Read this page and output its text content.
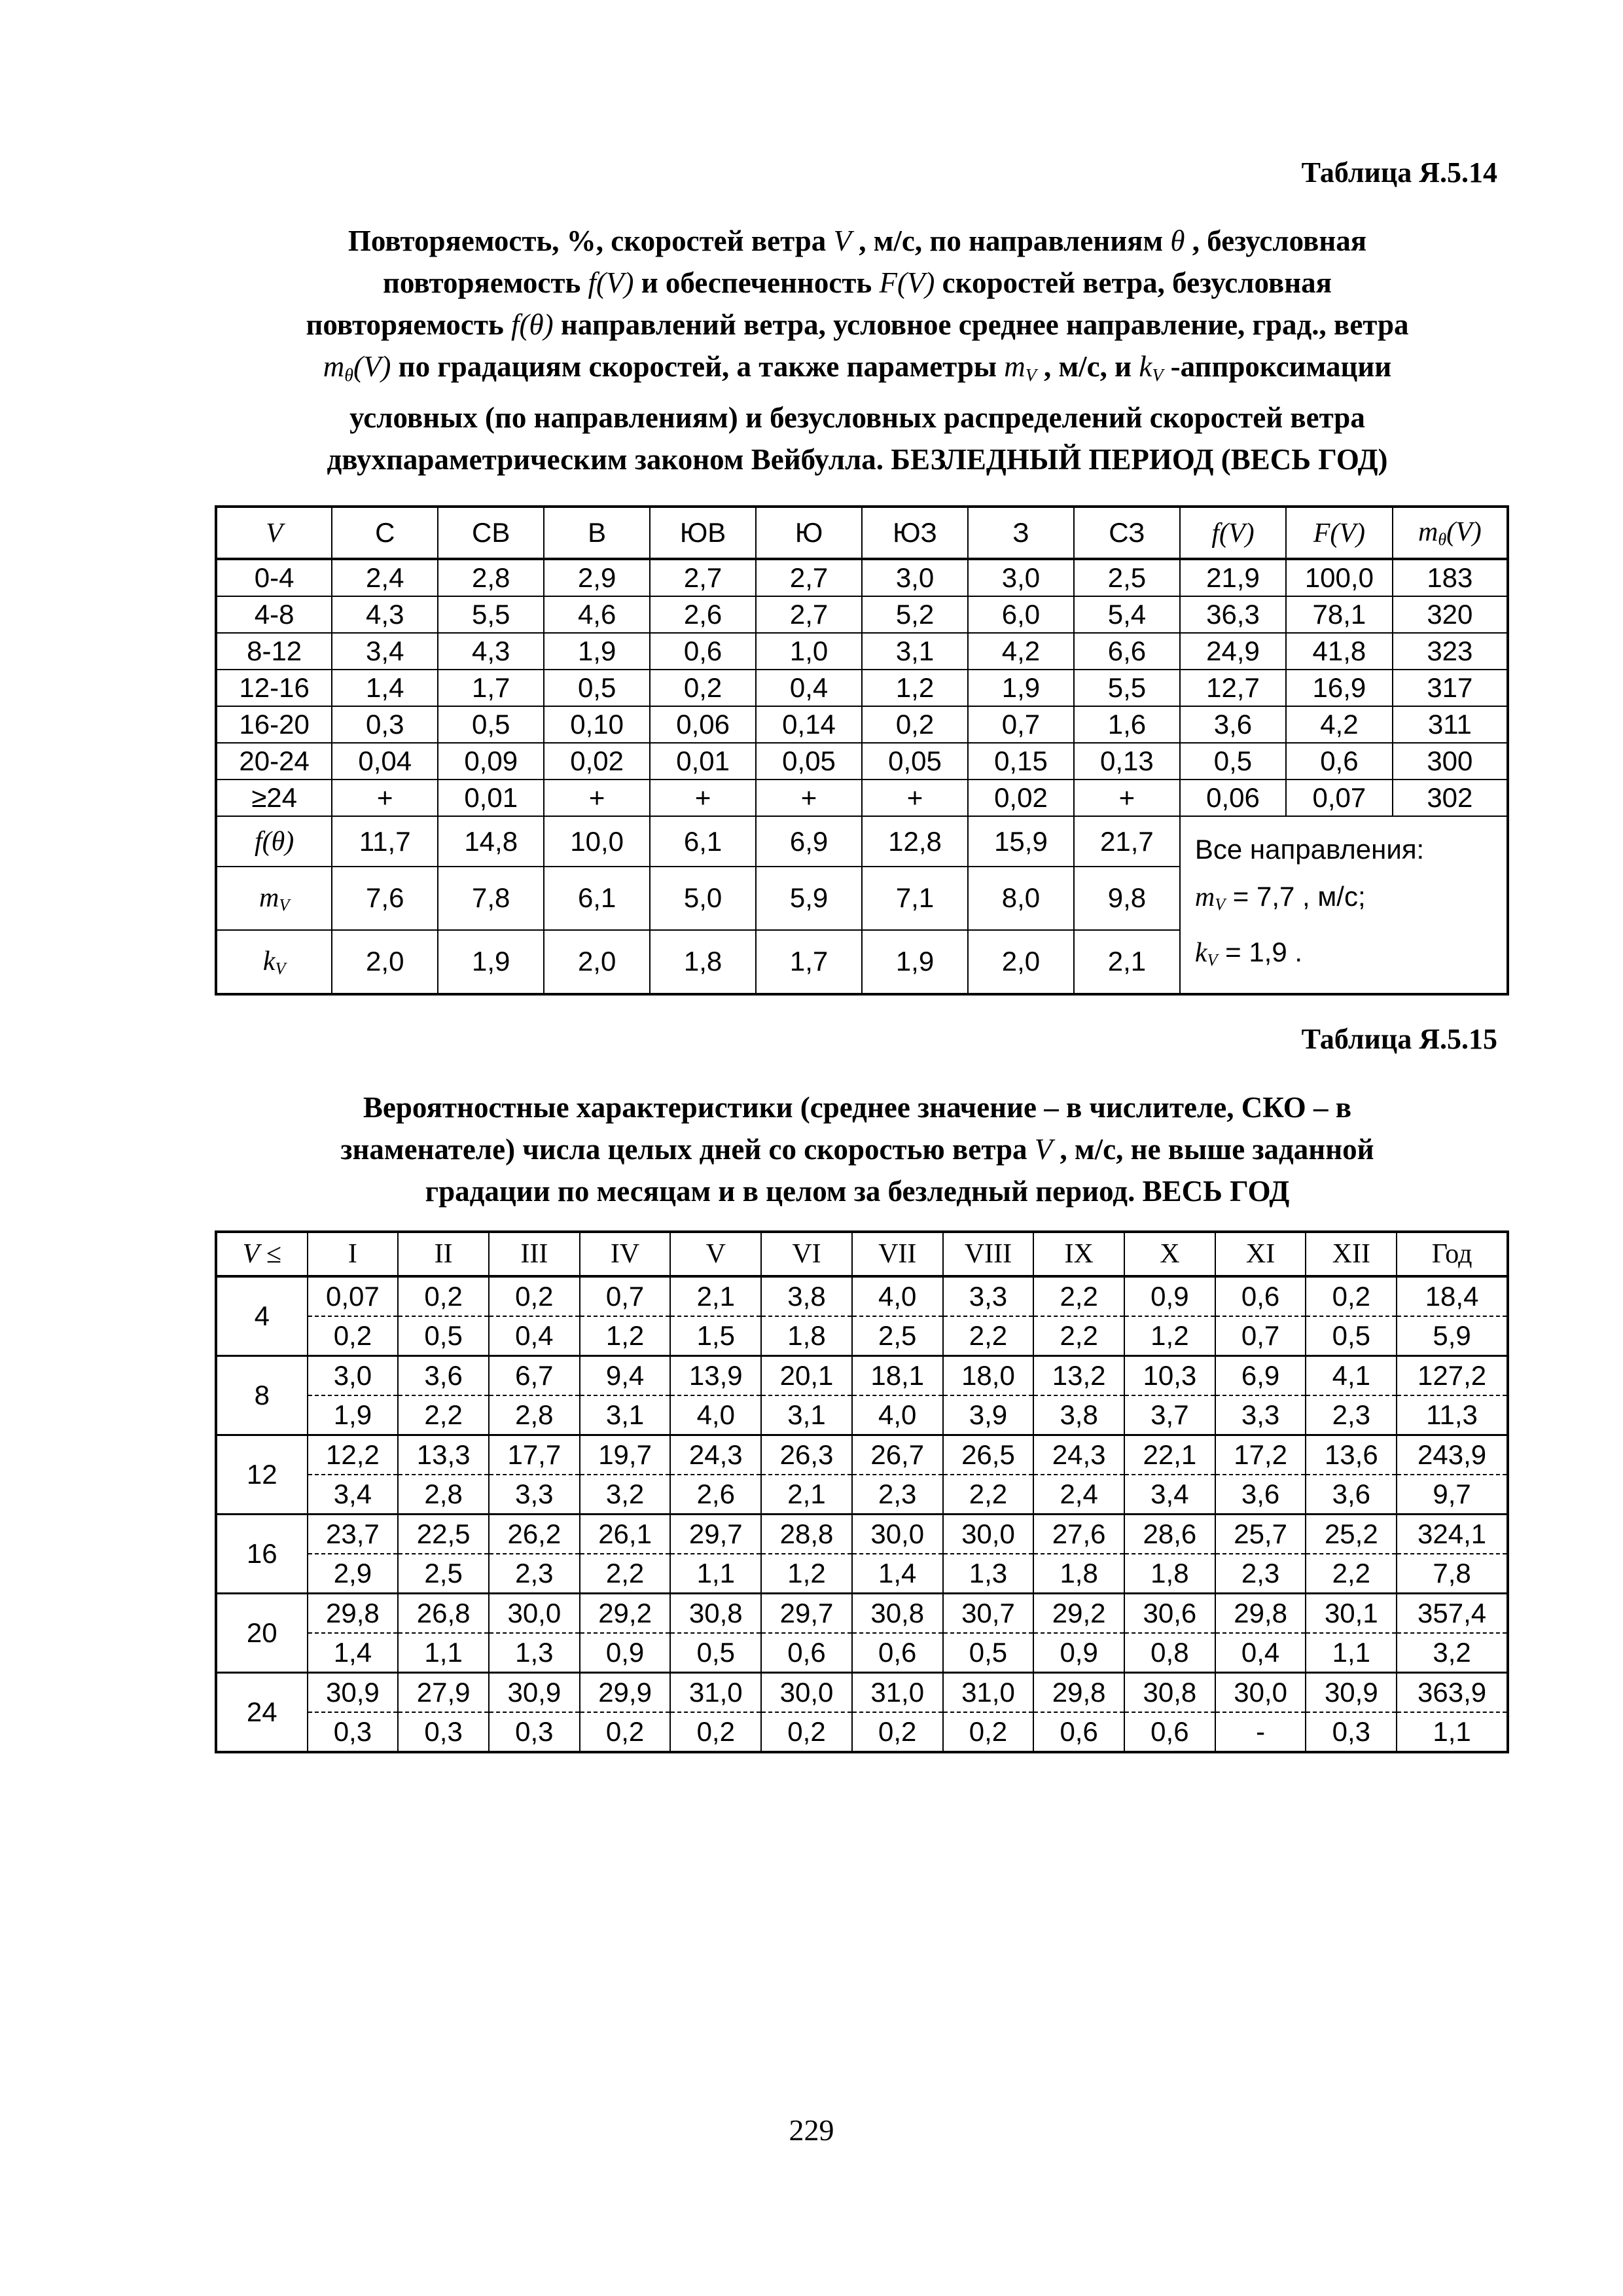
Таблица Я.5.14
Повторяемость, %, скоростей ветра V , м/с, по направлениям θ , безусловная
повторяемость f(V) и обеспеченность F(V) скоростей ветра, безусловная
повторяемость f(θ) направлений ветра, условное среднее направление, град., ветра
$m_\theta(V)$ по градациям скоростей, а также параметры $m_V$ , м/с, и $k_V$ -аппроксимации
условных (по направлениям) и безусловных распределений скоростей ветра
двухпараметрическим законом Вейбулла. БЕЗЛЕДНЫЙ ПЕРИОД (ВЕСЬ ГОД)
V	С	СВ	В	ЮВ	Ю	ЮЗ	З	СЗ	f(V)	F(V)	$m_\theta(V)$
0-4	2,4	2,8	2,9	2,7	2,7	3,0	3,0	2,5	21,9	100,0	183
4-8	4,3	5,5	4,6	2,6	2,7	5,2	6,0	5,4	36,3	78,1	320
8-12	3,4	4,3	1,9	0,6	1,0	3,1	4,2	6,6	24,9	41,8	323
12-16	1,4	1,7	0,5	0,2	0,4	1,2	1,9	5,5	12,7	16,9	317
16-20	0,3	0,5	0,10	0,06	0,14	0,2	0,7	1,6	3,6	4,2	311
20-24	0,04	0,09	0,02	0,01	0,05	0,05	0,15	0,13	0,5	0,6	300
≥24	+	0,01	+	+	+	+	0,02	+	0,06	0,07	302
f(θ)	11,7	14,8	10,0	6,1	6,9	12,8	15,9	21,7	Все направления:
$m_V = 7,7$ , м/с;
$k_V = 1,9$ .		

$m_V$	7,6	7,8	6,1	5,0	5,9	7,1	8,0	9,8			
$k_V$	2,0	1,9	2,0	1,8	1,7	1,9	2,0	2,1			
Таблица Я.5.15
Вероятностные характеристики (среднее значение – в числителе, СКО – в
знаменателе) числа целых дней со скоростью ветра V , м/с, не выше заданной
градации по месяцам и в целом за безледный период. ВЕСЬ ГОД
V ≤	I	II	III	IV	V	VI	VII	VIII	IX	X	XI	XII	Год
4	0,07	0,2	0,2	0,7	2,1	3,8	4,0	3,3	2,2	0,9	0,6	0,2	18,4
	0,2	0,5	0,4	1,2	1,5	1,8	2,5	2,2	2,2	1,2	0,7	0,5	5,9
8	3,0	3,6	6,7	9,4	13,9	20,1	18,1	18,0	13,2	10,3	6,9	4,1	127,2
	1,9	2,2	2,8	3,1	4,0	3,1	4,0	3,9	3,8	3,7	3,3	2,3	11,3
12	12,2	13,3	17,7	19,7	24,3	26,3	26,7	26,5	24,3	22,1	17,2	13,6	243,9
	3,4	2,8	3,3	3,2	2,6	2,1	2,3	2,2	2,4	3,4	3,6	3,6	9,7
16	23,7	22,5	26,2	26,1	29,7	28,8	30,0	30,0	27,6	28,6	25,7	25,2	324,1
	2,9	2,5	2,3	2,2	1,1	1,2	1,4	1,3	1,8	1,8	2,3	2,2	7,8
20	29,8	26,8	30,0	29,2	30,8	29,7	30,8	30,7	29,2	30,6	29,8	30,1	357,4
	1,4	1,1	1,3	0,9	0,5	0,6	0,6	0,5	0,9	0,8	0,4	1,1	3,2
24	30,9	27,9	30,9	29,9	31,0	30,0	31,0	31,0	29,8	30,8	30,0	30,9	363,9
	0,3	0,3	0,3	0,2	0,2	0,2	0,2	0,2	0,6	0,6	-	0,3	1,1
229
